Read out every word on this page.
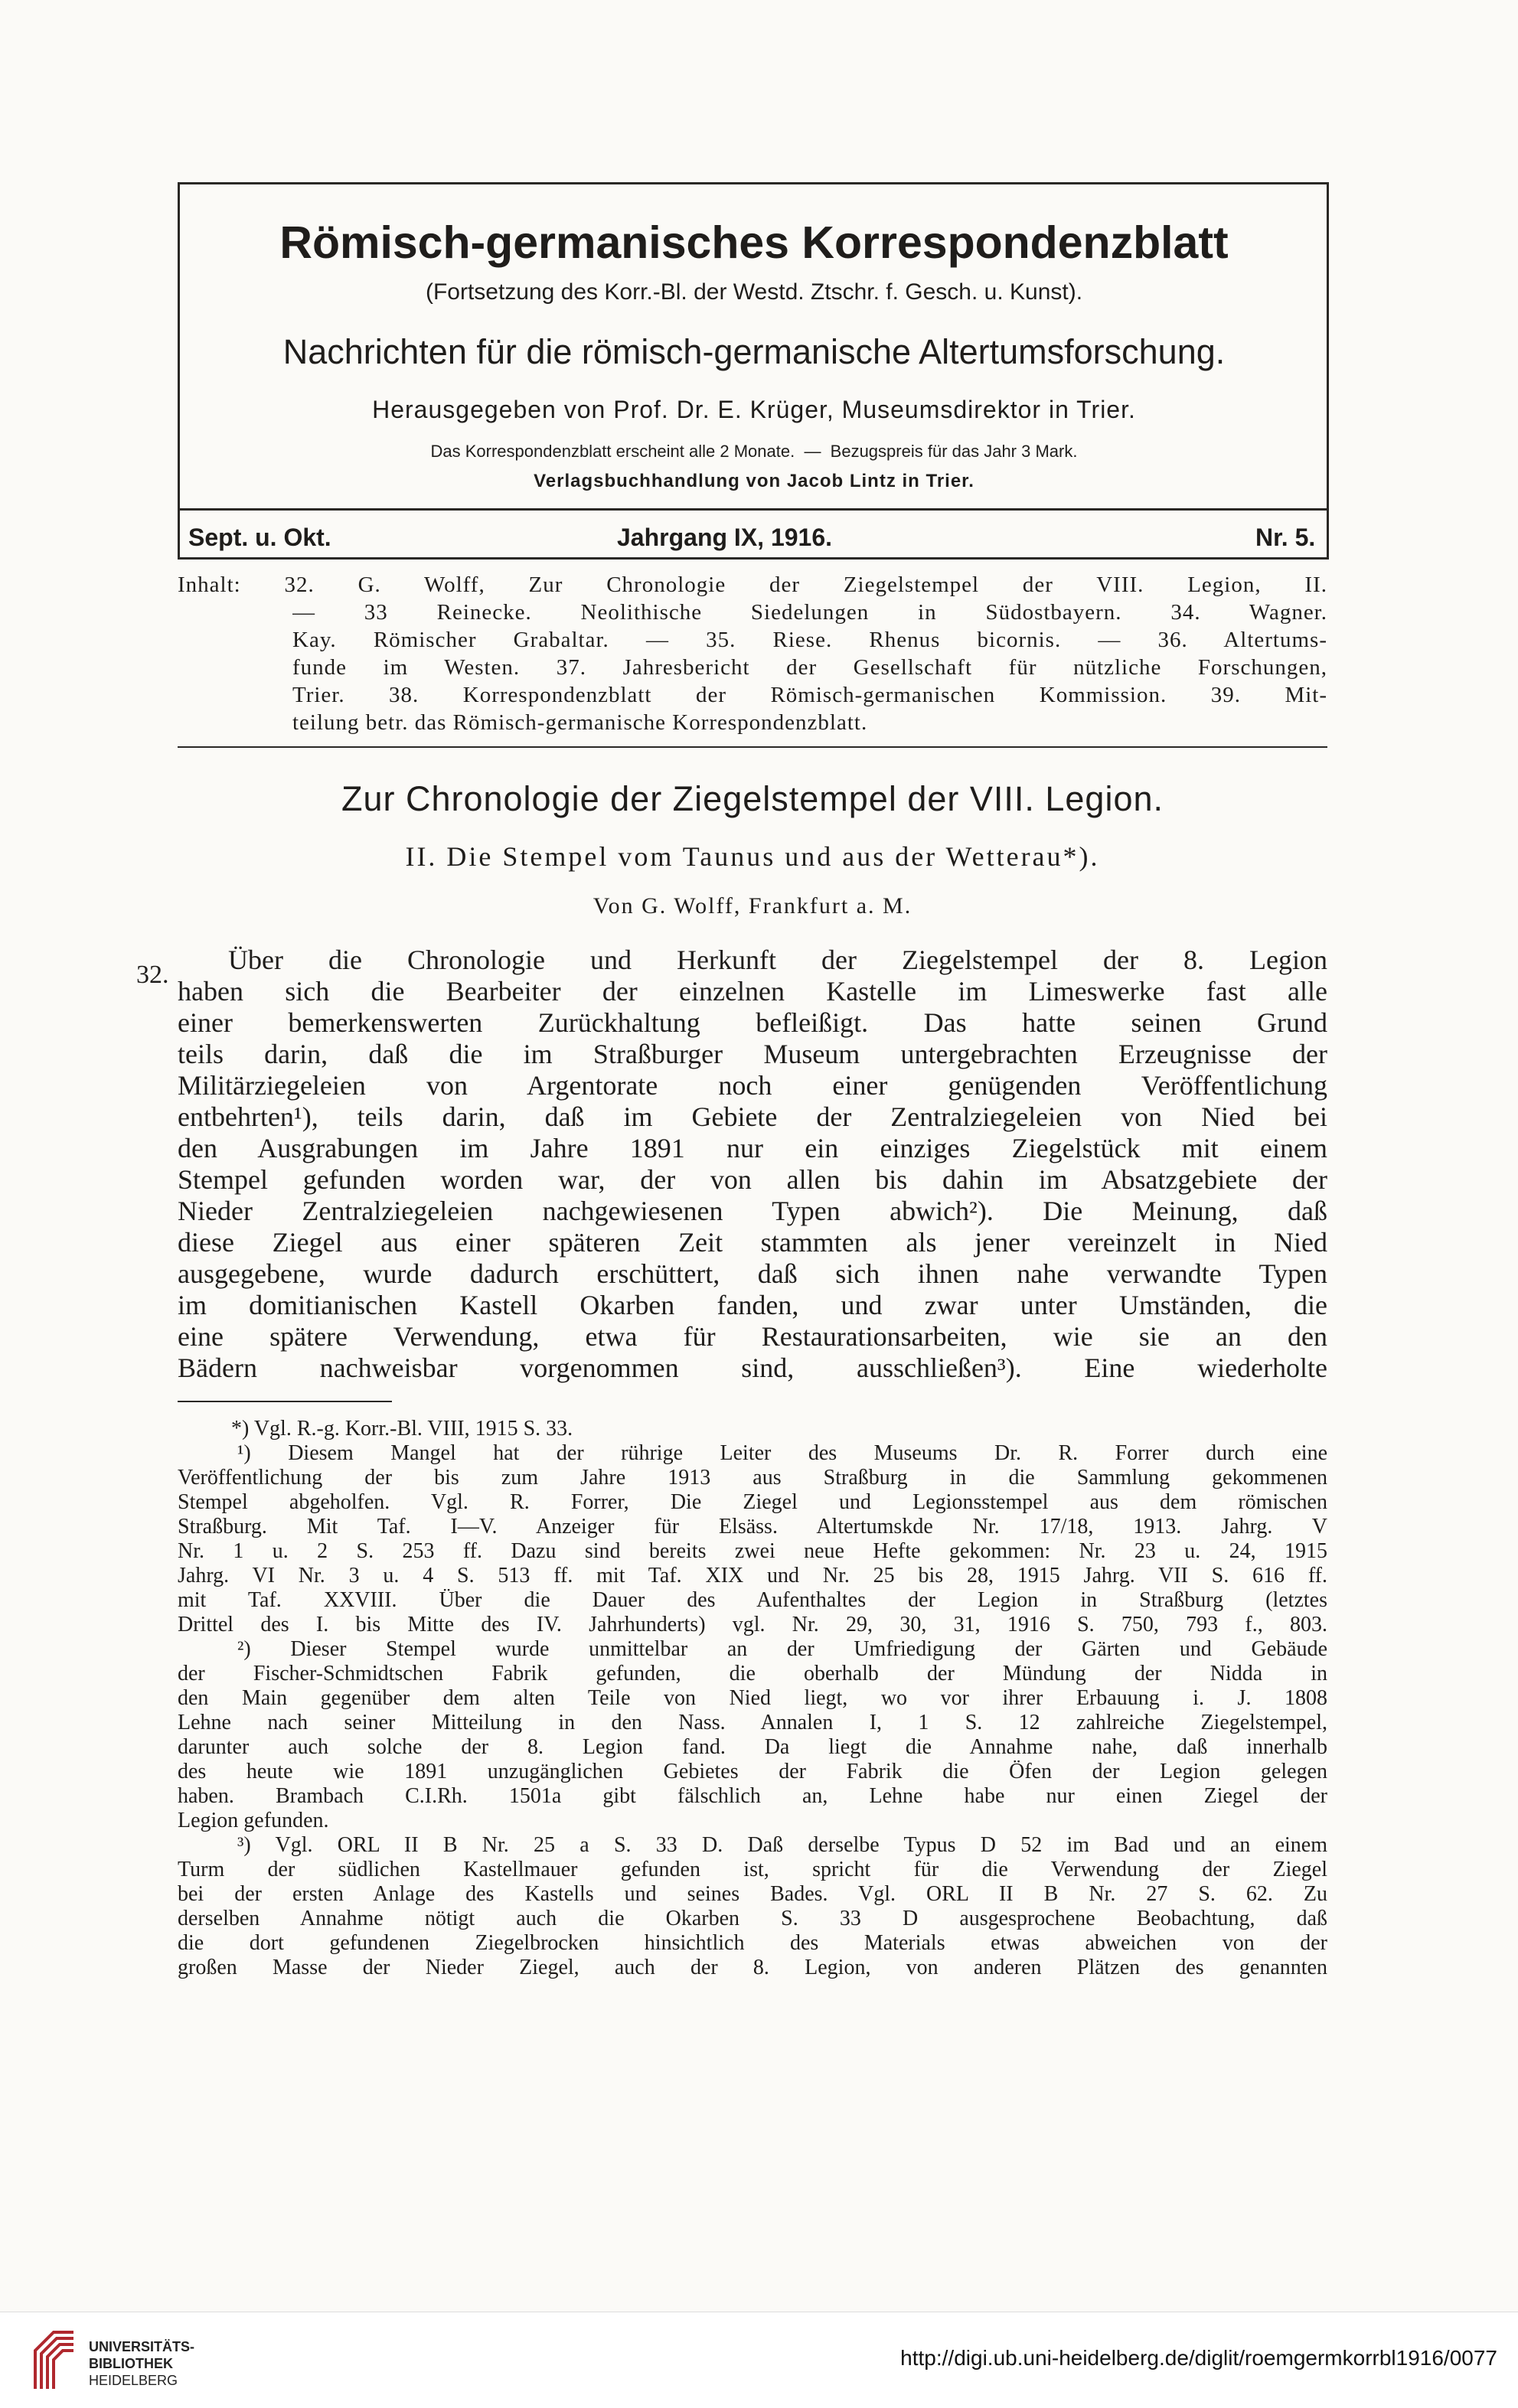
Römisch-germanisches Korrespondenzblatt
(Fortsetzung des Korr.-Bl. der Westd. Ztschr. f. Gesch. u. Kunst).
Nachrichten für die römisch-germanische Altertumsforschung.
Herausgegeben von Prof. Dr. E. Krüger, Museumsdirektor in Trier.
Das Korrespondenzblatt erscheint alle 2 Monate.  —  Bezugspreis für das Jahr 3 Mark.
Verlagsbuchhandlung von Jacob Lintz in Trier.
Sept. u. Okt.	Jahrgang IX, 1916.	Nr. 5.
Inhalt: 32. G. Wolff, Zur Chronologie der Ziegelstempel der VIII. Legion, II.
— 33 Reinecke. Neolithische Siedelungen in Südostbayern. 34. Wagner.
Kay. Römischer Grabaltar. — 35. Riese. Rhenus bicornis. — 36. Altertums-
funde im Westen. 37. Jahresbericht der Gesellschaft für nützliche Forschungen,
Trier. 38. Korrespondenzblatt der Römisch-germanischen Kommission. 39. Mit-
teilung betr. das Römisch-germanische Korrespondenzblatt.
Zur Chronologie der Ziegelstempel der VIII. Legion.
II. Die Stempel vom Taunus und aus der Wetterau*).
Von G. Wolff, Frankfurt a. M.
32. Über die Chronologie und Herkunft der Ziegelstempel der 8. Legion
haben sich die Bearbeiter der einzelnen Kastelle im Limeswerke fast alle
einer bemerkenswerten Zurückhaltung befleißigt. Das hatte seinen Grund
teils darin, daß die im Straßburger Museum untergebrachten Erzeugnisse der
Militärziegeleien von Argentorate noch einer genügenden Veröffentlichung
entbehrten¹), teils darin, daß im Gebiete der Zentralziegeleien von Nied bei
den Ausgrabungen im Jahre 1891 nur ein einziges Ziegelstück mit einem
Stempel gefunden worden war, der von allen bis dahin im Absatzgebiete der
Nieder Zentralziegeleien nachgewiesenen Typen abwich²). Die Meinung, daß
diese Ziegel aus einer späteren Zeit stammten als jener vereinzelt in Nied
ausgegebene, wurde dadurch erschüttert, daß sich ihnen nahe verwandte Typen
im domitianischen Kastell Okarben fanden, und zwar unter Umständen, die
eine spätere Verwendung, etwa für Restaurationsarbeiten, wie sie an den
Bädern nachweisbar vorgenommen sind, ausschließen³). Eine wiederholte
*) Vgl. R.-g. Korr.-Bl. VIII, 1915 S. 33.
¹) Diesem Mangel hat der rührige Leiter des Museums Dr. R. Forrer durch eine
Veröffentlichung der bis zum Jahre 1913 aus Straßburg in die Sammlung gekommenen
Stempel abgeholfen. Vgl. R. Forrer, Die Ziegel und Legionsstempel aus dem römischen
Straßburg. Mit Taf. I—V. Anzeiger für Elsäss. Altertumskde Nr. 17/18, 1913. Jahrg. V
Nr. 1 u. 2 S. 253 ff. Dazu sind bereits zwei neue Hefte gekommen: Nr. 23 u. 24, 1915
Jahrg. VI Nr. 3 u. 4 S. 513 ff. mit Taf. XIX und Nr. 25 bis 28, 1915 Jahrg. VII S. 616 ff.
mit Taf. XXVIII. Über die Dauer des Aufenthaltes der Legion in Straßburg (letztes
Drittel des I. bis Mitte des IV. Jahrhunderts) vgl. Nr. 29, 30, 31, 1916 S. 750, 793 f., 803.
²) Dieser Stempel wurde unmittelbar an der Umfriedigung der Gärten und Gebäude
der Fischer-Schmidtschen Fabrik gefunden, die oberhalb der Mündung der Nidda in
den Main gegenüber dem alten Teile von Nied liegt, wo vor ihrer Erbauung i. J. 1808
Lehne nach seiner Mitteilung in den Nass. Annalen I, 1 S. 12 zahlreiche Ziegelstempel,
darunter auch solche der 8. Legion fand. Da liegt die Annahme nahe, daß innerhalb
des heute wie 1891 unzugänglichen Gebietes der Fabrik die Öfen der Legion gelegen
haben. Brambach C.I.Rh. 1501a gibt fälschlich an, Lehne habe nur einen Ziegel der
Legion gefunden.
³) Vgl. ORL II B Nr. 25 a S. 33 D. Daß derselbe Typus D 52 im Bad und an einem
Turm der südlichen Kastellmauer gefunden ist, spricht für die Verwendung der Ziegel
bei der ersten Anlage des Kastells und seines Bades. Vgl. ORL II B Nr. 27 S. 62. Zu
derselben Annahme nötigt auch die Okarben S. 33 D ausgesprochene Beobachtung, daß
die dort gefundenen Ziegelbrocken hinsichtlich des Materials etwas abweichen von der
großen Masse der Nieder Ziegel, auch der 8. Legion, von anderen Plätzen des genannten
UNIVERSITÄTS-
BIBLIOTHEK
HEIDELBERG
http://digi.ub.uni-heidelberg.de/diglit/roemgermkorrbl1916/0077
